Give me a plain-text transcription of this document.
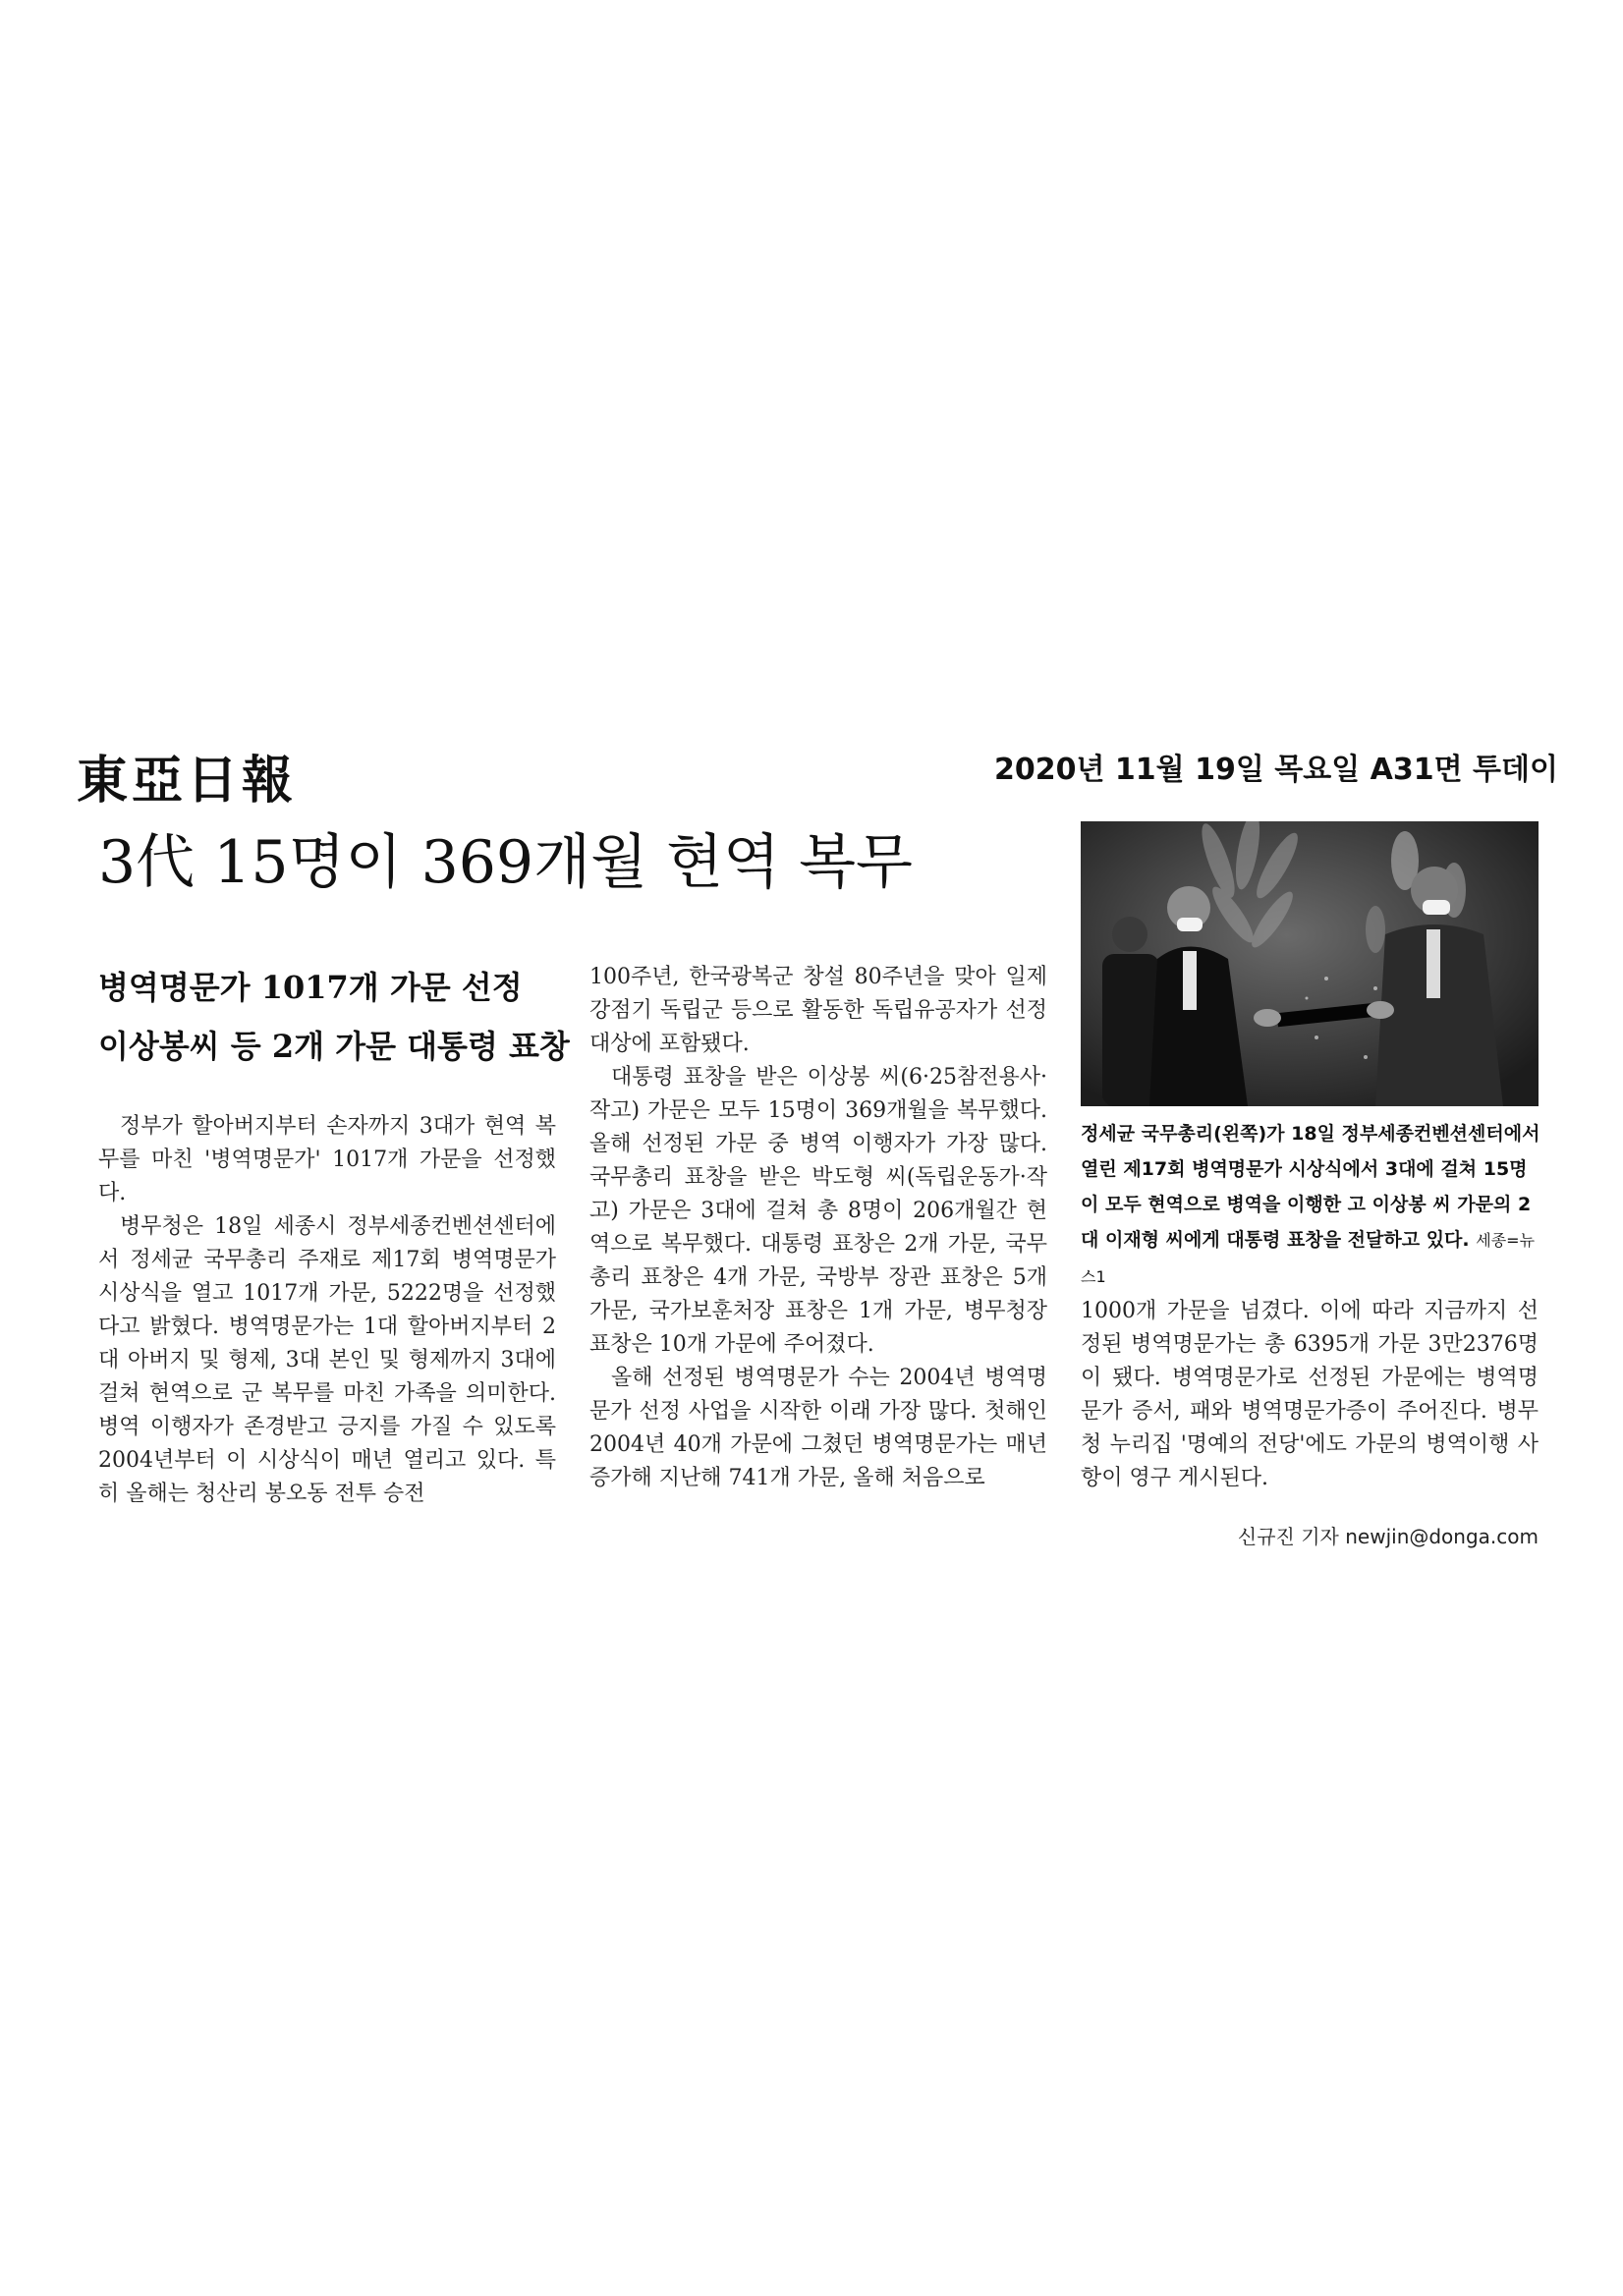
東亞日報	2020년 11월 19일 목요일 A31면 투데이
3代 15명이 369개월 현역 복무
병역명문가 1017개 가문 선정
이상봉씨 등 2개 가문 대통령 표창

정부가 할아버지부터 손자까지 3대가 현역 복무를 마친 '병역명문가' 1017개 가문을 선정했다.

병무청은 18일 세종시 정부세종컨벤션센터에서 정세균 국무총리 주재로 제17회 병역명문가 시상식을 열고 1017개 가문, 5222명을 선정했다고 밝혔다. 병역명문가는 1대 할아버지부터 2대 아버지 및 형제, 3대 본인 및 형제까지 3대에 걸쳐 현역으로 군 복무를 마친 가족을 의미한다. 병역 이행자가 존경받고 긍지를 가질 수 있도록 2004년부터 이 시상식이 매년 열리고 있다. 특히 올해는 청산리 봉오동 전투 승전

100주년, 한국광복군 창설 80주년을 맞아 일제 강점기 독립군 등으로 활동한 독립유공자가 선정대상에 포함됐다.

대통령 표창을 받은 이상봉 씨(6·25참전용사·작고) 가문은 모두 15명이 369개월을 복무했다. 올해 선정된 가문 중 병역 이행자가 가장 많다. 국무총리 표창을 받은 박도형 씨(독립운동가·작고) 가문은 3대에 걸쳐 총 8명이 206개월간 현역으로 복무했다. 대통령 표창은 2개 가문, 국무총리 표창은 4개 가문, 국방부 장관 표창은 5개 가문, 국가보훈처장 표창은 1개 가문, 병무청장 표창은 10개 가문에 주어졌다.

올해 선정된 병역명문가 수는 2004년 병역명문가 선정 사업을 시작한 이래 가장 많다. 첫해인 2004년 40개 가문에 그쳤던 병역명문가는 매년 증가해 지난해 741개 가문, 올해 처음으로

정세균 국무총리(왼쪽)가 18일 정부세종컨벤션센터에서 열린 제17회 병역명문가 시상식에서 3대에 걸쳐 15명이 모두 현역으로 병역을 이행한 고 이상봉 씨 가문의 2대 이재형 씨에게 대통령 표창을 전달하고 있다. 세종=뉴스1

1000개 가문을 넘겼다. 이에 따라 지금까지 선정된 병역명문가는 총 6395개 가문 3만2376명이 됐다. 병역명문가로 선정된 가문에는 병역명문가 증서, 패와 병역명문가증이 주어진다. 병무청 누리집 '명예의 전당'에도 가문의 병역이행 사항이 영구 게시된다.

신규진 기자 newjin@donga.com
